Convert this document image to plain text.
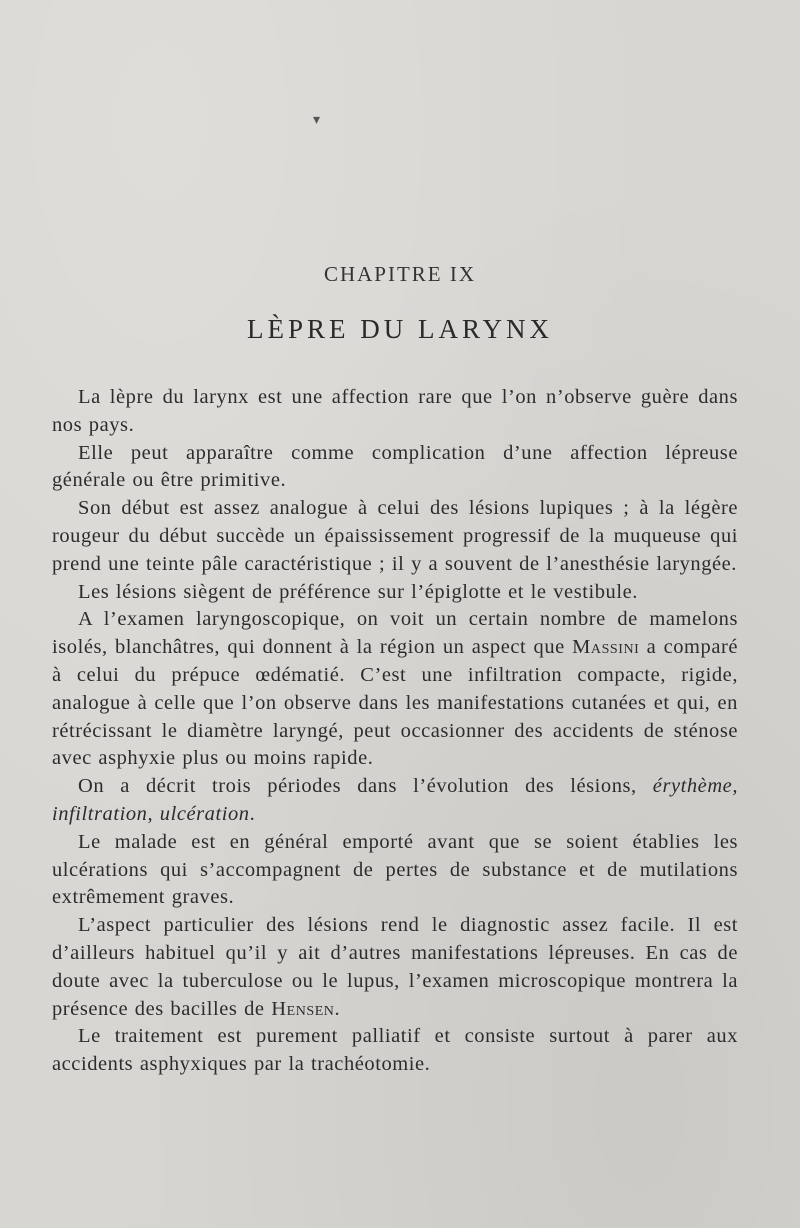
▾
CHAPITRE IX
LÈPRE DU LARYNX

La lèpre du larynx est une affection rare que l’on n’observe guère dans nos pays.

Elle peut apparaître comme complication d’une affection lépreuse générale ou être primitive.

Son début est assez analogue à celui des lésions lupiques ; à la légère rougeur du début succède un épaississement progressif de la muqueuse qui prend une teinte pâle caractéristique ; il y a souvent de l’anesthésie laryngée.

Les lésions siègent de préférence sur l’épiglotte et le vestibule.

A l’examen laryngoscopique, on voit un certain nombre de mamelons isolés, blanchâtres, qui donnent à la région un aspect que Massini a comparé à celui du prépuce œdématié. C’est une infiltration compacte, rigide, analogue à celle que l’on observe dans les manifestations cutanées et qui, en rétrécissant le diamètre laryngé, peut occasionner des accidents de sténose avec asphyxie plus ou moins rapide.

On a décrit trois périodes dans l’évolution des lésions, érythème, infiltration, ulcération.

Le malade est en général emporté avant que se soient établies les ulcérations qui s’accompagnent de pertes de substance et de mutilations extrêmement graves.

L’aspect particulier des lésions rend le diagnostic assez facile. Il est d’ailleurs habituel qu’il y ait d’autres manifestations lépreuses. En cas de doute avec la tuberculose ou le lupus, l’examen microscopique montrera la présence des bacilles de Hensen.

Le traitement est purement palliatif et consiste surtout à parer aux accidents asphyxiques par la trachéotomie.
